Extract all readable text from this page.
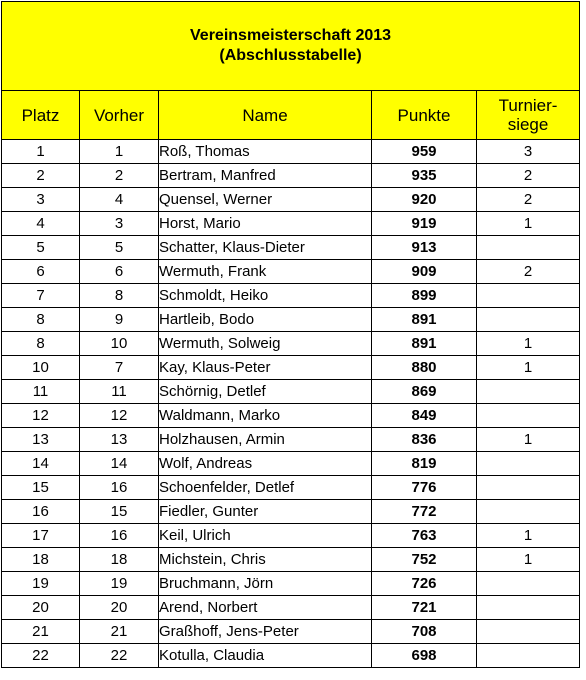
Vereinsmeisterschaft 2013
(Abschlusstabelle)				

Platz	Vorher	Name	Punkte	Turnier-
siege

1	1	Roß, Thomas	959	3
2	2	Bertram, Manfred	935	2
3	4	Quensel, Werner	920	2
4	3	Horst, Mario	919	1
5	5	Schatter, Klaus-Dieter	913	
6	6	Wermuth, Frank	909	2
7	8	Schmoldt, Heiko	899	
8	9	Hartleib, Bodo	891	
8	10	Wermuth, Solweig	891	1
10	7	Kay, Klaus-Peter	880	1
11	11	Schörnig, Detlef	869	
12	12	Waldmann, Marko	849	
13	13	Holzhausen, Armin	836	1
14	14	Wolf, Andreas	819	
15	16	Schoenfelder, Detlef	776	
16	15	Fiedler, Gunter	772	
17	16	Keil, Ulrich	763	1
18	18	Michstein, Chris	752	1
19	19	Bruchmann, Jörn	726	
20	20	Arend, Norbert	721	
21	21	Graßhoff, Jens-Peter	708	
22	22	Kotulla, Claudia	698	
